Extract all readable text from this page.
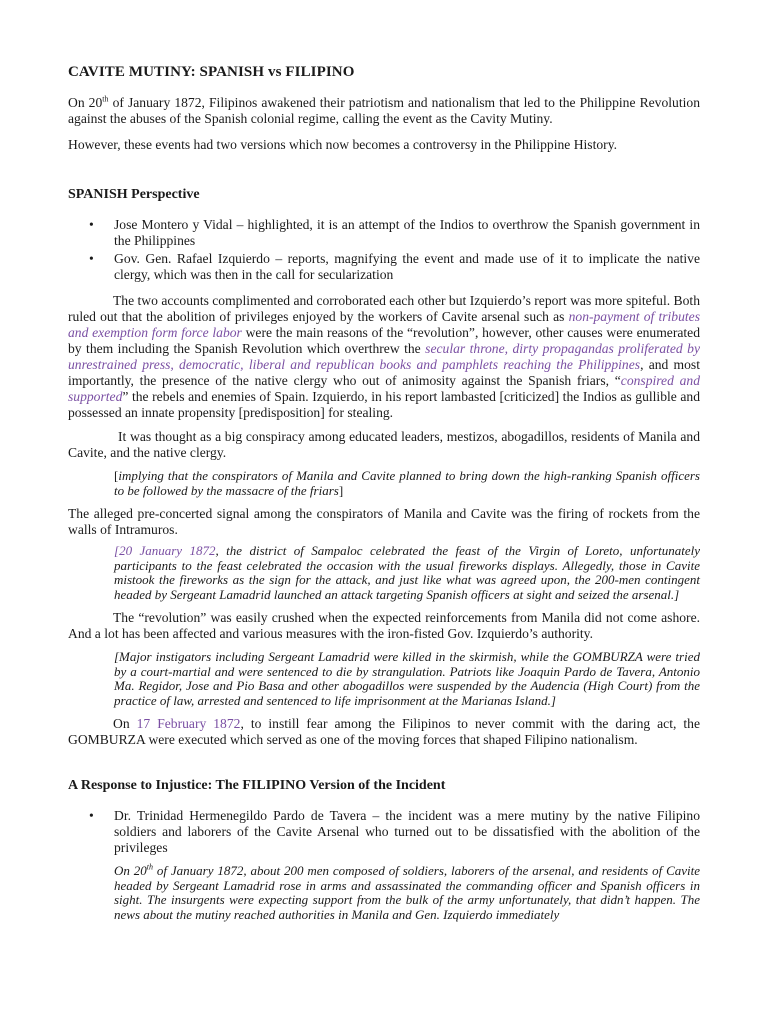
CAVITE MUTINY: SPANISH vs FILIPINO

On 20th of January 1872, Filipinos awakened their patriotism and nationalism that led to the Philippine Revolution against the abuses of the Spanish colonial regime, calling the event as the Cavity Mutiny.

However, these events had two versions which now becomes a controversy in the Philippine History.

SPANISH Perspective
• Jose Montero y Vidal – highlighted, it is an attempt of the Indios to overthrow the Spanish government in the Philippines
• Gov. Gen. Rafael Izquierdo – reports, magnifying the event and made use of it to implicate the native clergy, which was then in the call for secularization

The two accounts complimented and corroborated each other but Izquierdo’s report was more spiteful. Both ruled out that the abolition of privileges enjoyed by the workers of Cavite arsenal such as non-payment of tributes and exemption form force labor were the main reasons of the “revolution”, however, other causes were enumerated by them including the Spanish Revolution which overthrew the secular throne, dirty propagandas proliferated by unrestrained press, democratic, liberal and republican books and pamphlets reaching the Philippines, and most importantly, the presence of the native clergy who out of animosity against the Spanish friars, “conspired and supported” the rebels and enemies of Spain. Izquierdo, in his report lambasted [criticized] the Indios as gullible and possessed an innate propensity [predisposition] for stealing.

It was thought as a big conspiracy among educated leaders, mestizos, abogadillos, residents of Manila and Cavite, and the native clergy.

[implying that the conspirators of Manila and Cavite planned to bring down the high-ranking Spanish officers to be followed by the massacre of the friars]

The alleged pre-concerted signal among the conspirators of Manila and Cavite was the firing of rockets from the walls of Intramuros.

[20 January 1872, the district of Sampaloc celebrated the feast of the Virgin of Loreto, unfortunately participants to the feast celebrated the occasion with the usual fireworks displays. Allegedly, those in Cavite mistook the fireworks as the sign for the attack, and just like what was agreed upon, the 200-men contingent headed by Sergeant Lamadrid launched an attack targeting Spanish officers at sight and seized the arsenal.]

The “revolution” was easily crushed when the expected reinforcements from Manila did not come ashore. And a lot has been affected and various measures with the iron-fisted Gov. Izquierdo’s authority.

[Major instigators including Sergeant Lamadrid were killed in the skirmish, while the GOMBURZA were tried by a court-martial and were sentenced to die by strangulation. Patriots like Joaquin Pardo de Tavera, Antonio Ma. Regidor, Jose and Pio Basa and other abogadillos were suspended by the Audencia (High Court) from the practice of law, arrested and sentenced to life imprisonment at the Marianas Island.]

On 17 February 1872, to instill fear among the Filipinos to never commit with the daring act, the GOMBURZA were executed which served as one of the moving forces that shaped Filipino nationalism.

A Response to Injustice: The FILIPINO Version of the Incident
• Dr. Trinidad Hermenegildo Pardo de Tavera – the incident was a mere mutiny by the native Filipino soldiers and laborers of the Cavite Arsenal who turned out to be dissatisfied with the abolition of the privileges

On 20th of January 1872, about 200 men composed of soldiers, laborers of the arsenal, and residents of Cavite headed by Sergeant Lamadrid rose in arms and assassinated the commanding officer and Spanish officers in sight. The insurgents were expecting support from the bulk of the army unfortunately, that didn’t happen. The news about the mutiny reached authorities in Manila and Gen. Izquierdo immediately
